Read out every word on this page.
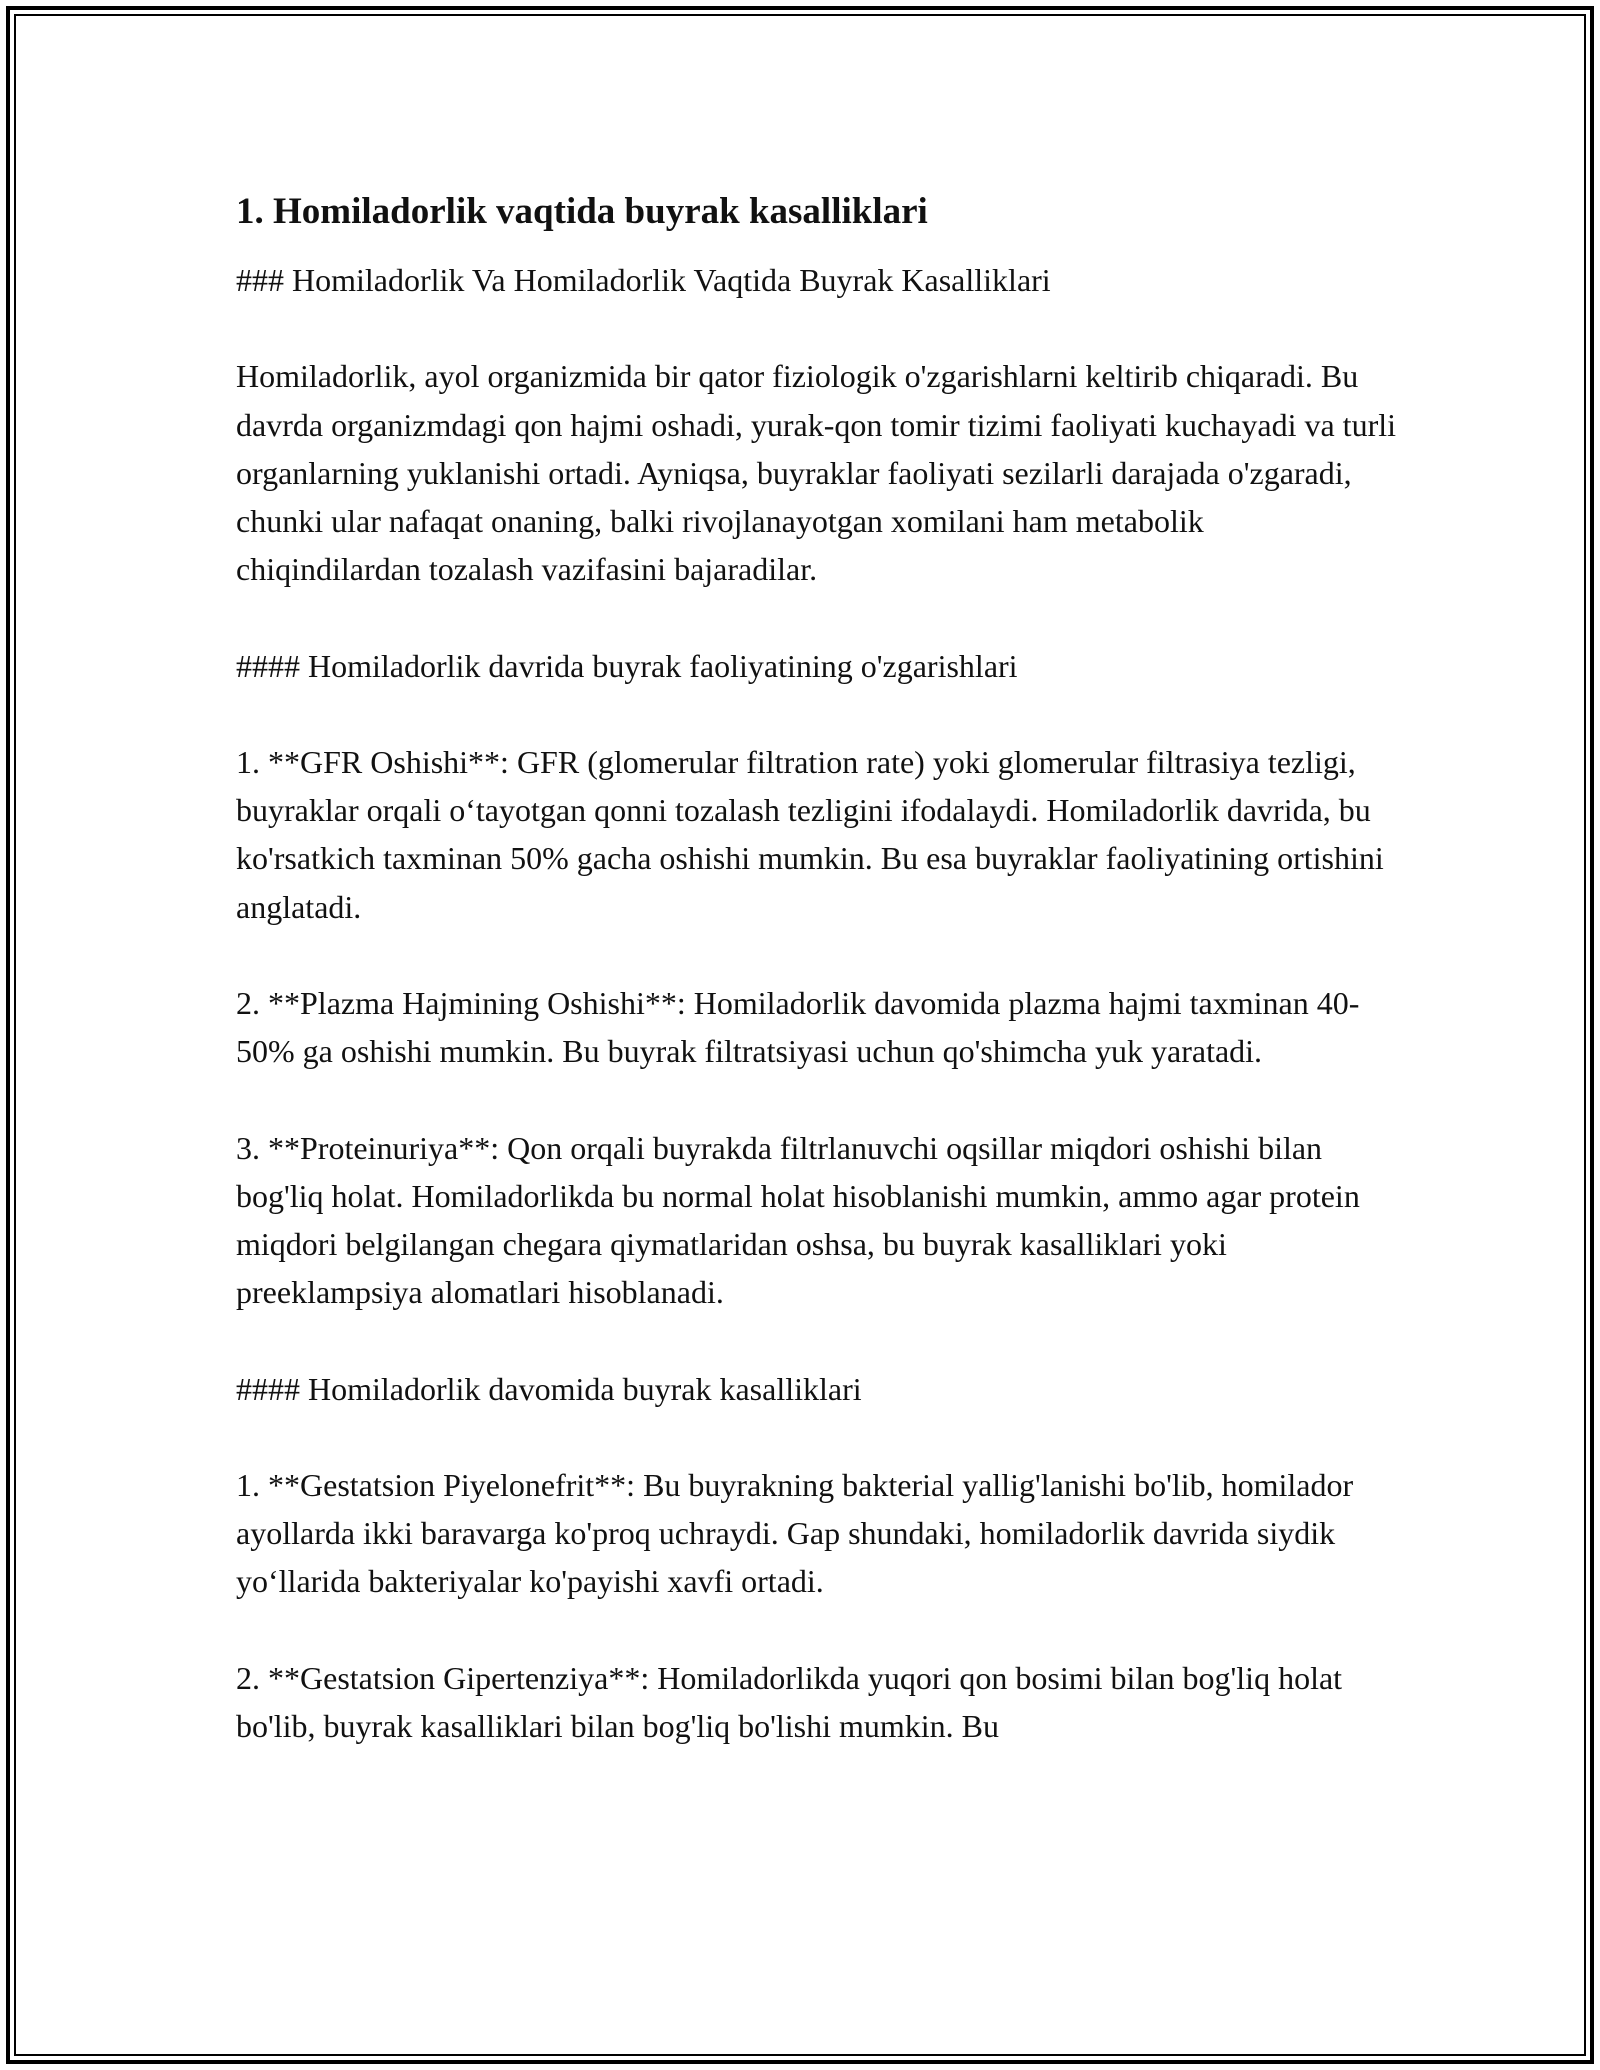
1. Homiladorlik vaqtida buyrak kasalliklari

### Homiladorlik Va Homiladorlik Vaqtida Buyrak Kasalliklari

Homiladorlik, ayol organizmida bir qator fiziologik o'zgarishlarni keltirib chiqaradi. Bu davrda organizmdagi qon hajmi oshadi, yurak-qon tomir tizimi faoliyati kuchayadi va turli organlarning yuklanishi ortadi. Ayniqsa, buyraklar faoliyati sezilarli darajada o'zgaradi, chunki ular nafaqat onaning, balki rivojlanayotgan xomilani ham metabolik chiqindilardan tozalash vazifasini bajaradilar.

#### Homiladorlik davrida buyrak faoliyatining o'zgarishlari

1. **GFR Oshishi**: GFR (glomerular filtration rate) yoki glomerular filtrasiya tezligi, buyraklar orqali o‘tayotgan qonni tozalash tezligini ifodalaydi. Homiladorlik davrida, bu ko'rsatkich taxminan 50% gacha oshishi mumkin. Bu esa buyraklar faoliyatining ortishini anglatadi.

2. **Plazma Hajmining Oshishi**: Homiladorlik davomida plazma hajmi taxminan 40-50% ga oshishi mumkin. Bu buyrak filtratsiyasi uchun qo'shimcha yuk yaratadi.

3. **Proteinuriya**: Qon orqali buyrakda filtrlanuvchi oqsillar miqdori oshishi bilan bog'liq holat. Homiladorlikda bu normal holat hisoblanishi mumkin, ammo agar protein miqdori belgilangan chegara qiymatlaridan oshsa, bu buyrak kasalliklari yoki preeklampsiya alomatlari hisoblanadi.

#### Homiladorlik davomida buyrak kasalliklari

1. **Gestatsion Piyelonefrit**: Bu buyrakning bakterial yallig'lanishi bo'lib, homilador ayollarda ikki baravarga ko'proq uchraydi. Gap shundaki, homiladorlik davrida siydik yo‘llarida bakteriyalar ko'payishi xavfi ortadi.

2. **Gestatsion Gipertenziya**: Homiladorlikda yuqori qon bosimi bilan bog'liq holat bo'lib, buyrak kasalliklari bilan bog'liq bo'lishi mumkin. Bu
